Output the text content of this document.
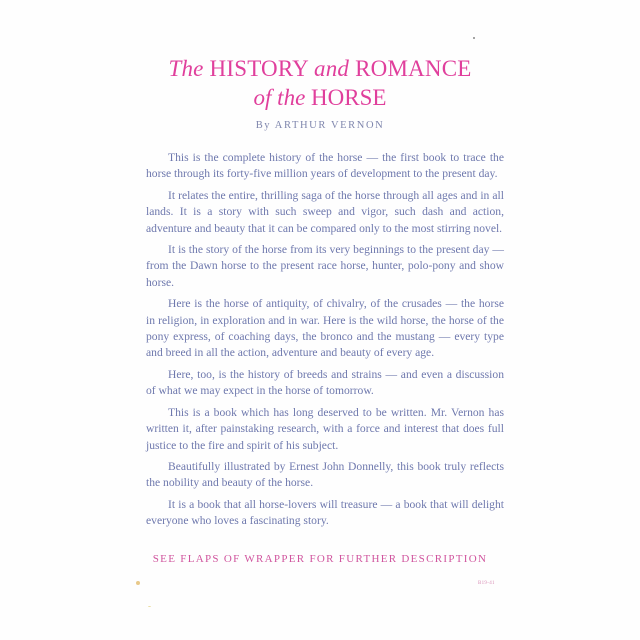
The HISTORY and ROMANCE
of the HORSE
By ARTHUR VERNON

This is the complete history of the horse — the first book to trace the horse through its forty-five million years of development to the present day.

It relates the entire, thrilling saga of the horse through all ages and in all lands. It is a story with such sweep and vigor, such dash and action, adventure and beauty that it can be compared only to the most stirring novel.

It is the story of the horse from its very beginnings to the present day — from the Dawn horse to the present race horse, hunter, polo-pony and show horse.

Here is the horse of antiquity, of chivalry, of the crusades — the horse in religion, in exploration and in war. Here is the wild horse, the horse of the pony express, of coaching days, the bronco and the mustang — every type and breed in all the action, adventure and beauty of every age.

Here, too, is the history of breeds and strains — and even a discussion of what we may expect in the horse of tomorrow.

This is a book which has long deserved to be written. Mr. Vernon has written it, after painstaking research, with a force and interest that does full justice to the fire and spirit of his subject.

Beautifully illustrated by Ernest John Donnelly, this book truly reflects the nobility and beauty of the horse.

It is a book that all horse-lovers will treasure — a book that will delight everyone who loves a fascinating story.

SEE FLAPS OF WRAPPER FOR FURTHER DESCRIPTION
B19-41
